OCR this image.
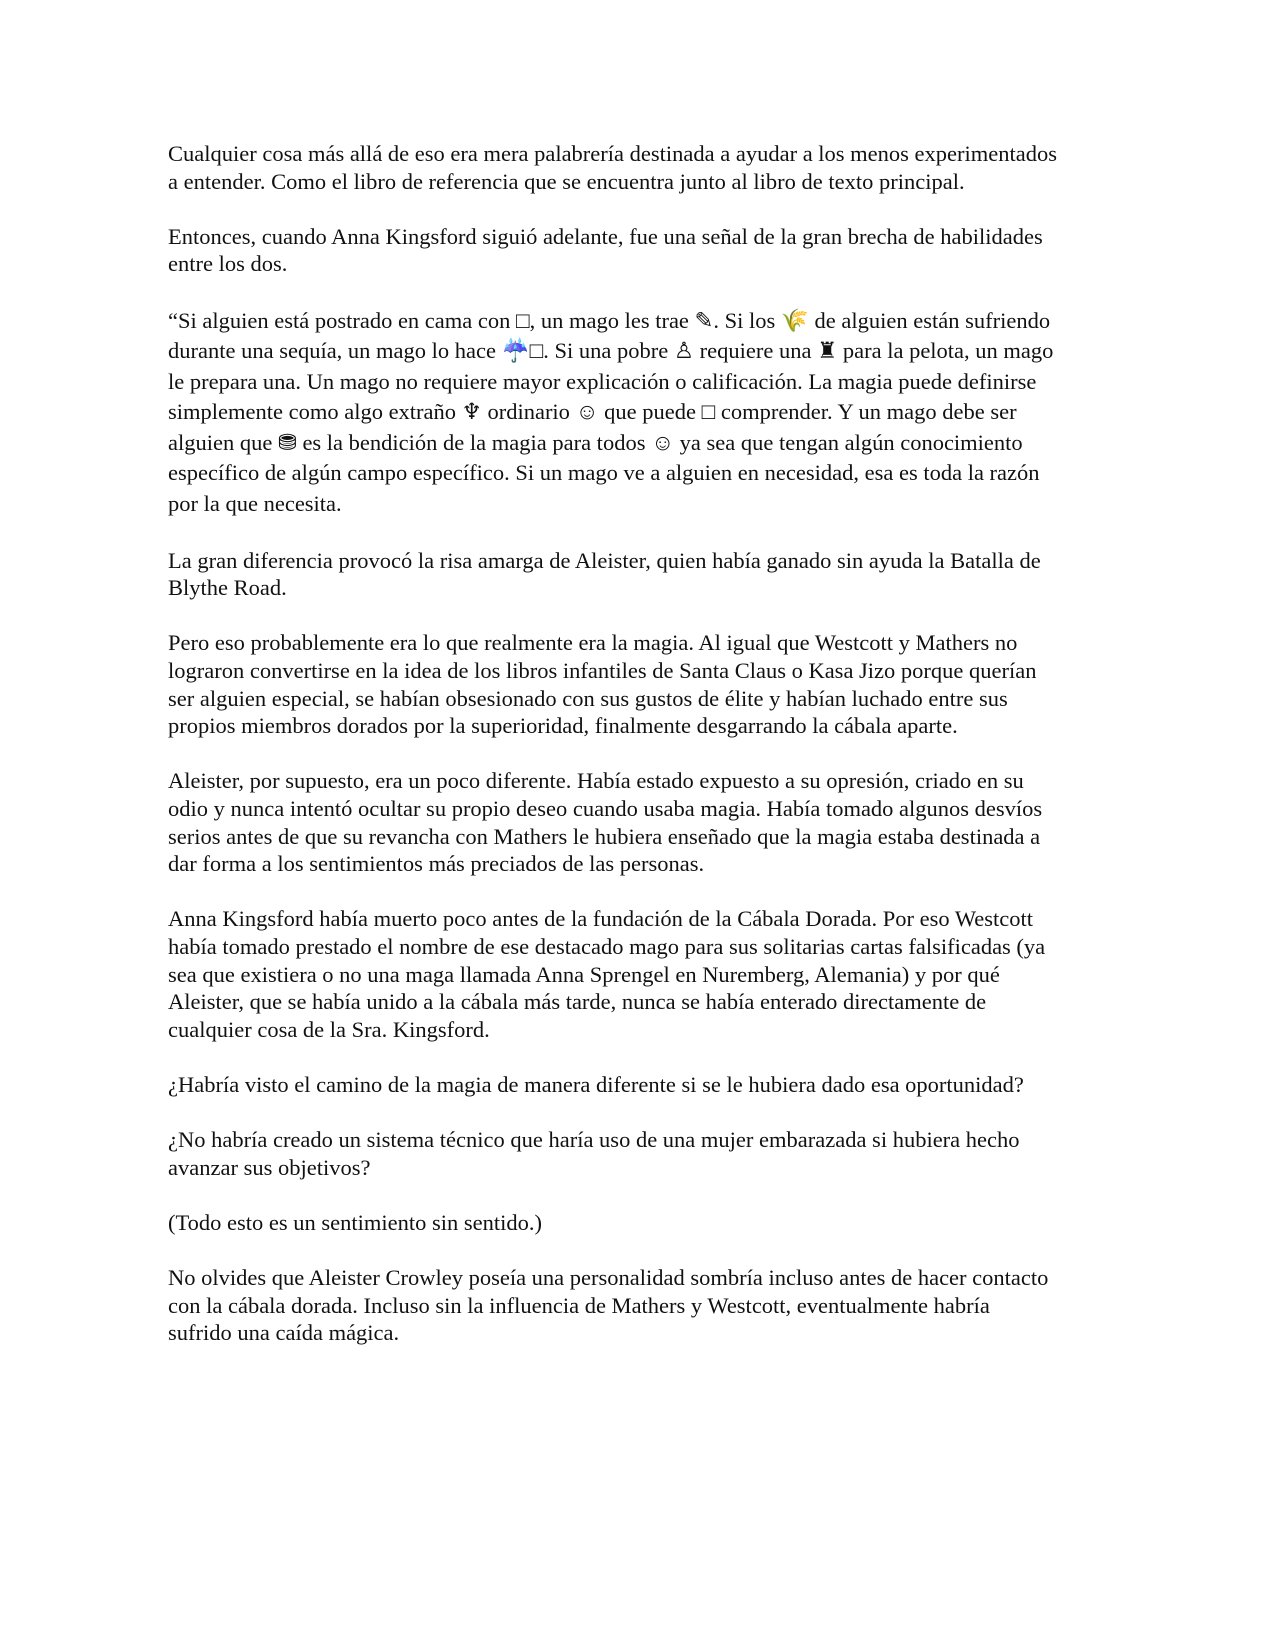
Cualquier cosa más allá de eso era mera palabrería destinada a ayudar a los menos experimentados a entender. Como el libro de referencia que se encuentra junto al libro de texto principal.

Entonces, cuando Anna Kingsford siguió adelante, fue una señal de la gran brecha de habilidades entre los dos.

“Si alguien está postrado en cama con □, un mago les trae ✎. Si los 🌾 de alguien están sufriendo durante una sequía, un mago lo hace ☔□. Si una pobre ♙ requiere una ♜ para la pelota, un mago le prepara una. Un mago no requiere mayor explicación o calificación. La magia puede definirse simplemente como algo extraño ♆ ordinario ☺ que puede □ comprender. Y un mago debe ser alguien que ⛃ es la bendición de la magia para todos ☺ ya sea que tengan algún conocimiento específico de algún campo específico. Si un mago ve a alguien en necesidad, esa es toda la razón por la que necesita.

La gran diferencia provocó la risa amarga de Aleister, quien había ganado sin ayuda la Batalla de Blythe Road.

Pero eso probablemente era lo que realmente era la magia. Al igual que Westcott y Mathers no lograron convertirse en la idea de los libros infantiles de Santa Claus o Kasa Jizo porque querían ser alguien especial, se habían obsesionado con sus gustos de élite y habían luchado entre sus propios miembros dorados por la superioridad, finalmente desgarrando la cábala aparte.

Aleister, por supuesto, era un poco diferente. Había estado expuesto a su opresión, criado en su odio y nunca intentó ocultar su propio deseo cuando usaba magia. Había tomado algunos desvíos serios antes de que su revancha con Mathers le hubiera enseñado que la magia estaba destinada a dar forma a los sentimientos más preciados de las personas.

Anna Kingsford había muerto poco antes de la fundación de la Cábala Dorada. Por eso Westcott había tomado prestado el nombre de ese destacado mago para sus solitarias cartas falsificadas (ya sea que existiera o no una maga llamada Anna Sprengel en Nuremberg, Alemania) y por qué Aleister, que se había unido a la cábala más tarde, nunca se había enterado directamente de cualquier cosa de la Sra. Kingsford.

¿Habría visto el camino de la magia de manera diferente si se le hubiera dado esa oportunidad?

¿No habría creado un sistema técnico que haría uso de una mujer embarazada si hubiera hecho avanzar sus objetivos?

(Todo esto es un sentimiento sin sentido.)

No olvides que Aleister Crowley poseía una personalidad sombría incluso antes de hacer contacto con la cábala dorada. Incluso sin la influencia de Mathers y Westcott, eventualmente habría sufrido una caída mágica.
